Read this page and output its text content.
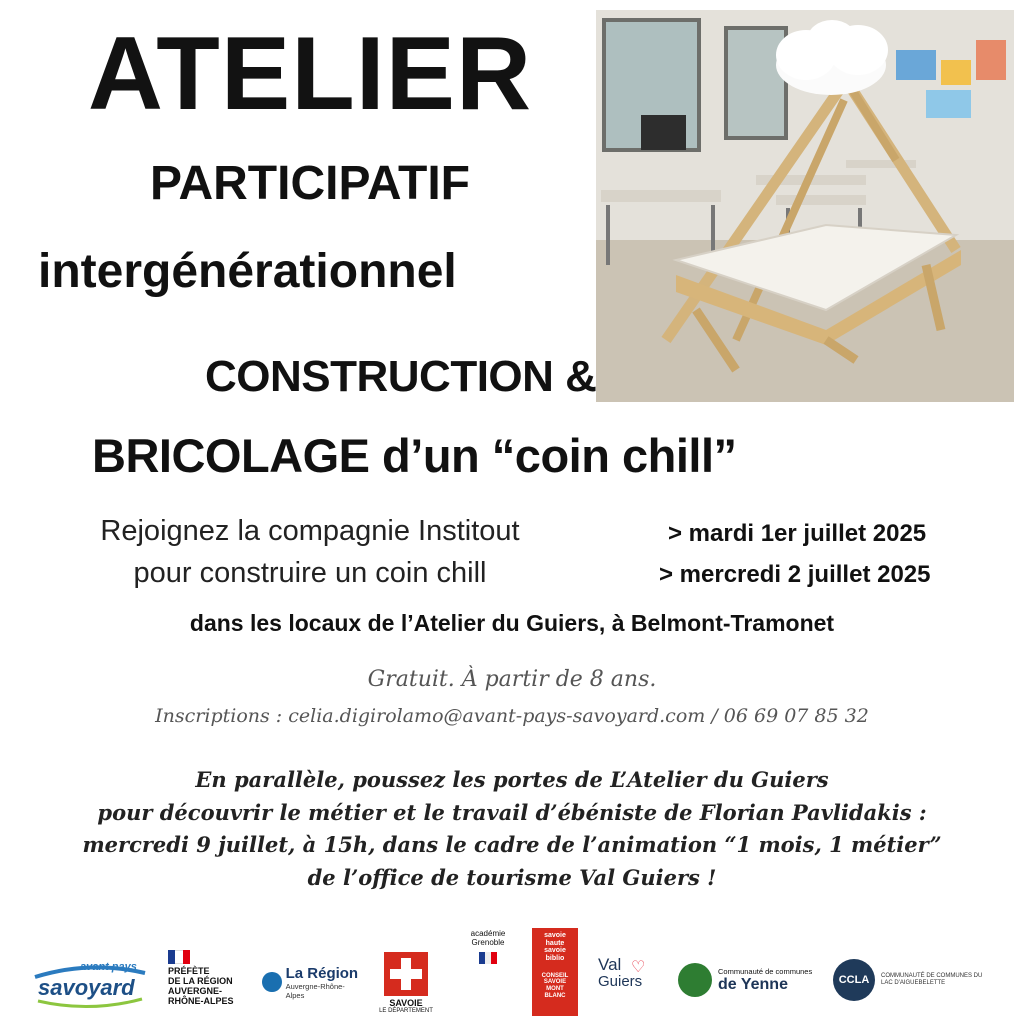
ATELIER
PARTICIPATIF
intergénérationnel
CONSTRUCTION &
BRICOLAGE d’un “coin chill”
Rejoignez la compagnie Institout
pour construire un coin chill
> mardi 1er juillet 2025
> mercredi 2 juillet 2025
dans les locaux de l’Atelier du Guiers, à Belmont-Tramonet
Gratuit. À partir de 8 ans.
Inscriptions : celia.digirolamo@avant-pays-savoyard.com / 06 69 07 85 32
En parallèle, poussez les portes de L’Atelier du Guiers
pour découvrir le métier et le travail d’ébéniste de Florian Pavlidakis :
mercredi 9 juillet, à 15h, dans le cadre de l’animation “1 mois, 1 métier”
de l’office de tourisme Val Guiers !
avant pays
savoyard
PRÉFÈTE
DE LA RÉGION
AUVERGNE-
RHÔNE-ALPES
La Région
Auvergne-Rhône-Alpes
SAVOIE
LE DÉPARTEMENT
académie
Grenoble
savoie
haute
savoie
biblio
CONSEIL
SAVOIE
MONT
BLANC
Val
Guiers
♡	Communauté de communes
de Yenne	CCLA	COMMUNAUTÉ DE COMMUNES DU
LAC D'AIGUEBELETTE
